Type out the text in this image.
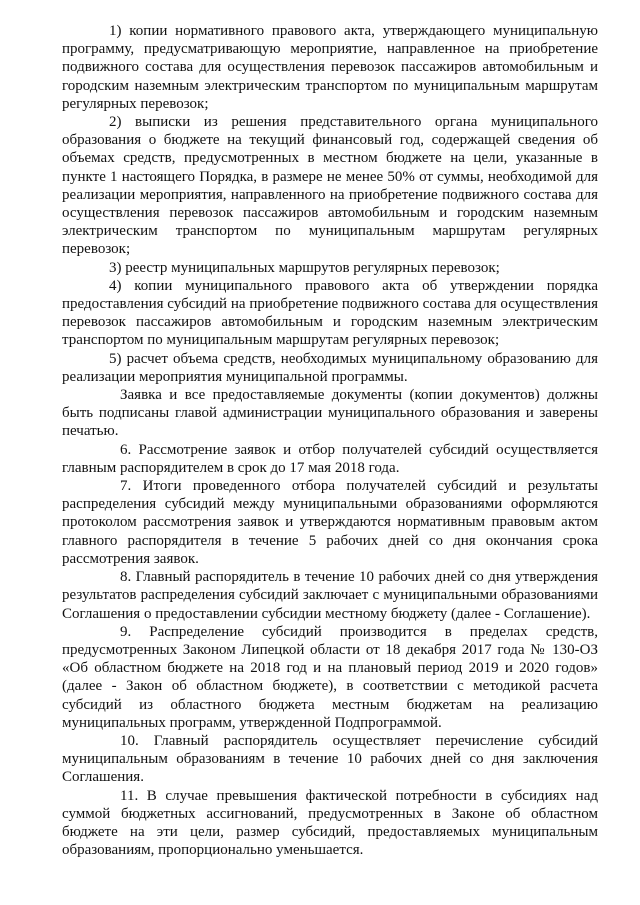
1) копии нормативного правового акта, утверждающего муниципальную программу, предусматривающую мероприятие, направленное на приобретение подвижного состава для осуществления перевозок пассажиров автомобильным и городским наземным электрическим транспортом по муниципальным маршрутам регулярных перевозок;

2) выписки из решения представительного органа муниципального образования о бюджете на текущий финансовый год, содержащей сведения об объемах средств, предусмотренных в местном бюджете на цели, указанные в пункте 1 настоящего Порядка, в размере не менее 50% от суммы, необходимой для реализации мероприятия, направленного на приобретение подвижного состава для осуществления перевозок пассажиров автомобильным и городским наземным электрическим транспортом по муниципальным маршрутам регулярных перевозок;

3) реестр муниципальных маршрутов регулярных перевозок;

4) копии муниципального правового акта об утверждении порядка предоставления субсидий на приобретение подвижного состава для осуществления перевозок пассажиров автомобильным и городским наземным электрическим транспортом по муниципальным маршрутам регулярных перевозок;

5) расчет объема средств, необходимых муниципальному образованию для реализации мероприятия муниципальной программы.

Заявка и все предоставляемые документы (копии документов) должны быть подписаны главой администрации муниципального образования и заверены печатью.

6. Рассмотрение заявок и отбор получателей субсидий осуществляется главным распорядителем в срок до 17 мая 2018 года.

7. Итоги проведенного отбора получателей субсидий и результаты распределения субсидий между муниципальными образованиями оформляются протоколом рассмотрения заявок и утверждаются нормативным правовым актом главного распорядителя в течение 5 рабочих дней со дня окончания срока рассмотрения заявок.

8. Главный распорядитель в течение 10 рабочих дней со дня утверждения результатов распределения субсидий заключает с муниципальными образованиями Соглашения о предоставлении субсидии местному бюджету (далее - Соглашение).

9. Распределение субсидий производится в пределах средств, предусмотренных Законом Липецкой области от 18 декабря 2017 года № 130-ОЗ «Об областном бюджете на 2018 год и на плановый период 2019 и 2020 годов» (далее - Закон об областном бюджете), в соответствии с методикой расчета субсидий из областного бюджета местным бюджетам на реализацию муниципальных программ, утвержденной Подпрограммой.

10. Главный распорядитель осуществляет перечисление субсидий муниципальным образованиям в течение 10 рабочих дней со дня заключения Соглашения.

11. В случае превышения фактической потребности в субсидиях над суммой бюджетных ассигнований, предусмотренных в Законе об областном бюджете на эти цели, размер субсидий, предоставляемых муниципальным образованиям, пропорционально уменьшается.
